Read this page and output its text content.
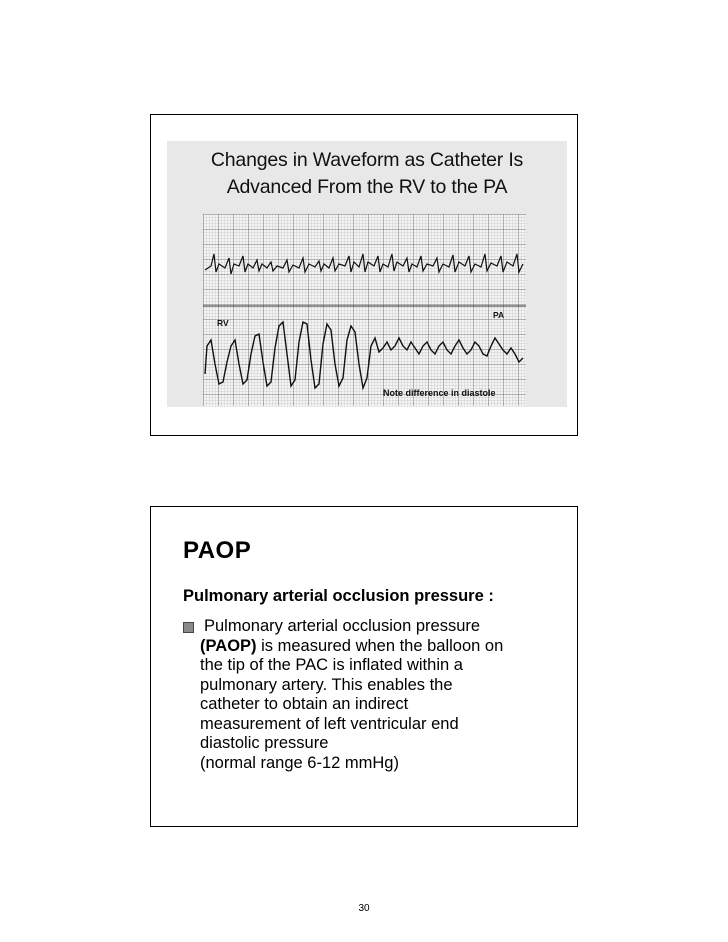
Changes in Waveform as Catheter Is
Advanced From the RV to the PA
RV
PA
Note difference in diastole
PAOP
Pulmonary arterial occlusion pressure :
Pulmonary arterial occlusion pressure
(PAOP) is measured when the balloon on
the tip of the PAC is inflated within a
pulmonary artery. This enables the
catheter to obtain an indirect
measurement of left ventricular end
diastolic pressure
(normal range 6-12 mmHg)
30
